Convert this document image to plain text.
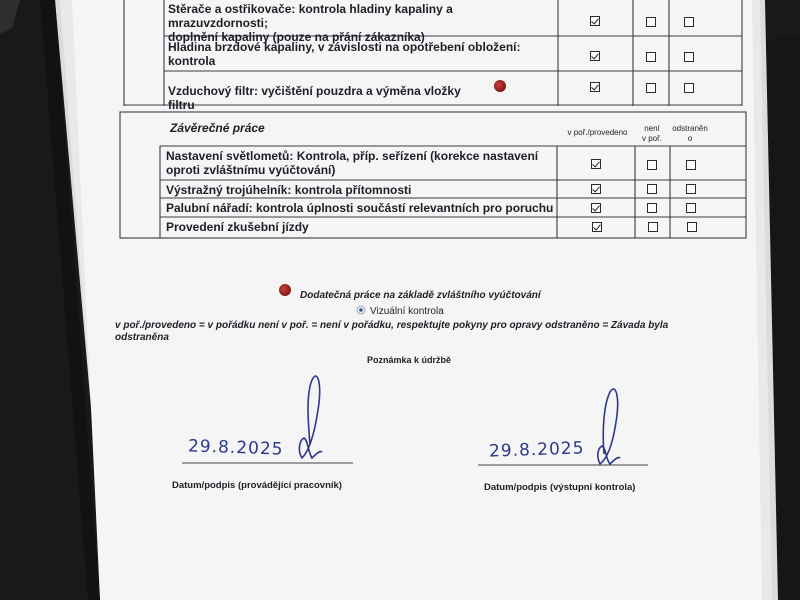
Stěrače a ostřikovače: kontrola hladiny kapaliny a mrazuvzdornosti;
doplnění kapaliny (pouze na přání zákazníka)
Hladina brzdové kapaliny, v závislosti na opotřebení obložení:
kontrola
Vzduchový filtr: vyčištění pouzdra a výměna vložky filtru
Závěrečné práce	v poř./provedeno	není
v poř.
odstraněn
o
Nastavení světlometů: Kontrola, příp. seřízení (korekce nastavení
oproti zvláštnímu vyúčtování)
Výstražný trojúhelník: kontrola přítomnosti
Palubní nářadí: kontrola úplnosti součástí relevantních pro poruchu
Provedení zkušební jízdy
Dodatečná práce na základě zvláštního vyúčtování
Vizuální kontrola
v poř./provedeno = v pořádku není v poř. = není v pořádku, respektujte pokyny pro opravy odstraněno = Závada byla
odstraněna
Poznámka k údržbě
29.8.2025
Datum/podpis (provádějící pracovník)
29.8.2025
Datum/podpis (výstupní kontrola)
